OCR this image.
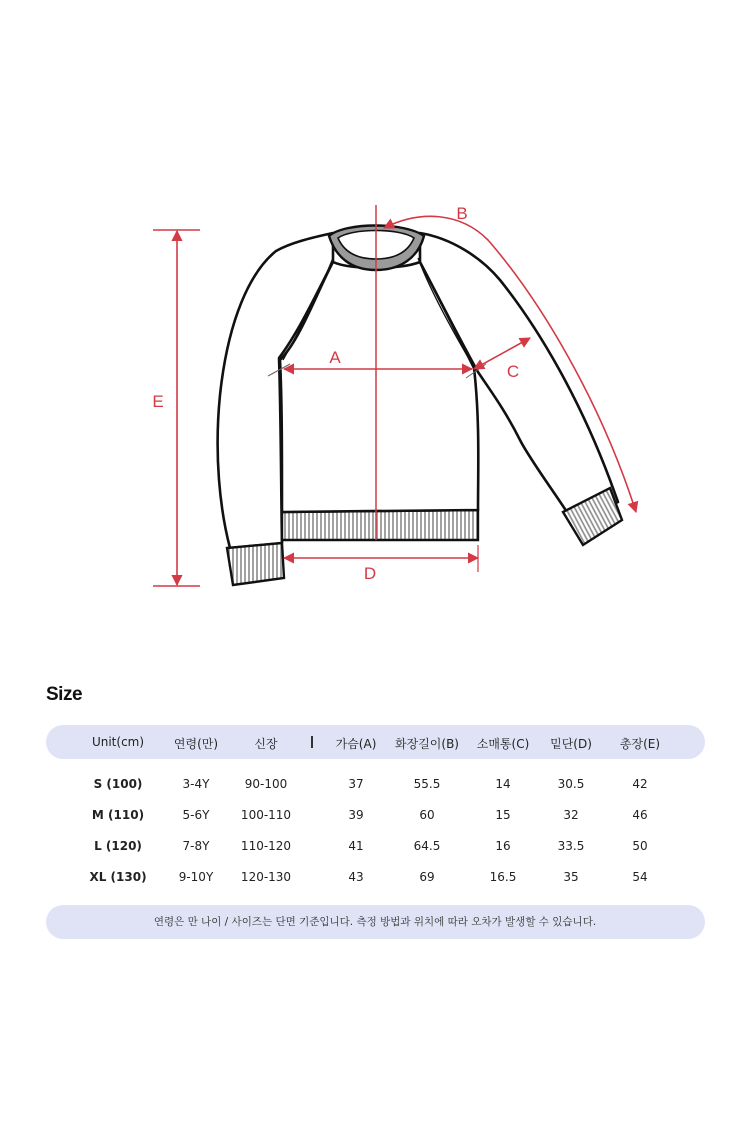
A
B
C
D
E
Size
Unit(cm) 연령(만)	신장	가슴(A) 화장길이(B) 소매통(C) 밑단(D) 총장(E)
S (100)	3-4Y	90-100	37	55.5	14	30.5	42
M (110)	5-6Y	100-110	39	60	15	32	46
L (120)	7-8Y	110-120	41	64.5	16	33.5	50
XL (130)	9-10Y 120-130	43	69	16.5	35	54
연령은 만 나이 / 사이즈는 단면 기준입니다. 측정 방법과 위치에 따라 오차가 발생할 수 있습니다.
